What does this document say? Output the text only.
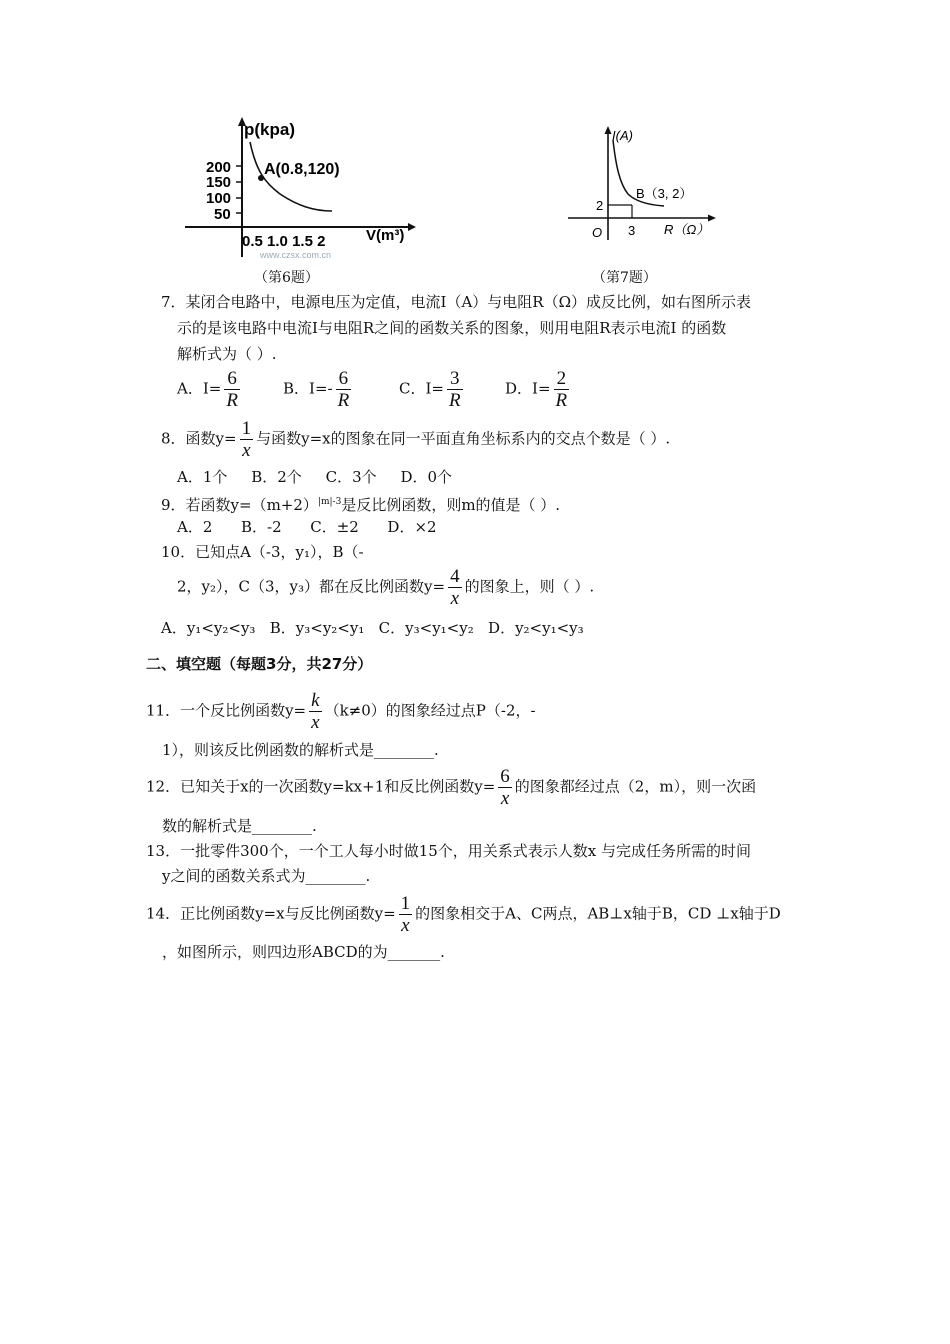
p(kpa)
200
150
100
50
A(0.8,120)
0.5 1.0 1.5 2	V(m³)
www.czsx.com.cn
（第6题）
I(A)
2
3
O
B（3, 2）
R（Ω）
（第7题）
7．某闭合电路中，电源电压为定值，电流I（A）与电阻R（Ω）成反比例，如右图所示表
示的是该电路中电流I与电阻R之间的函数关系的图象，则用电阻R表示电流I 的函数
解析式为（ ）.
A．$I= \frac{6}{R}$	B．$I=- \frac{6}{R}$	C．$I= \frac{3}{R}$	D．$I= \frac{2}{R}$
8．函数$y= \frac{1}{x}$ 与函数y=x的图象在同一平面直角坐标系内的交点个数是（ ）.
A．1个     B．2个     C．3个     D．0个
9．若函数$y=(m+2)^{|m|-3}$是反比例函数，则m的值是（ ）.
A．2      B．-2      C．±2      D．×2
10．已知点A（-3，y₁），B（-
2，y₂），C（3，y₃）都在反比例函数$y= \frac{4}{x}$ 的图象上，则（ ）.
A．y₁<y₂<y₃   B．y₃<y₂<y₁   C．y₃<y₁<y₂   D．y₂<y₁<y₃
二、填空题（每题3分，共27分）
11．一个反比例函数$y= \frac{k}{x} (k\ne 0)$的图象经过点P（-2，-
1），则该反比例函数的解析式是________.
12．已知关于x的一次函数y=kx+1和反比例函数$y= \frac{6}{x}$ 的图象都经过点（2，m），则一次函
数的解析式是________.
13．一批零件300个，一个工人每小时做15个，用关系式表示人数x 与完成任务所需的时间
y之间的函数关系式为________.
14．正比例函数y=x与反比例函数$y= \frac{1}{x}$ 的图象相交于A、C两点，AB⊥x轴于B，CD ⊥x轴于D
，如图所示，则四边形ABCD的为_______.
